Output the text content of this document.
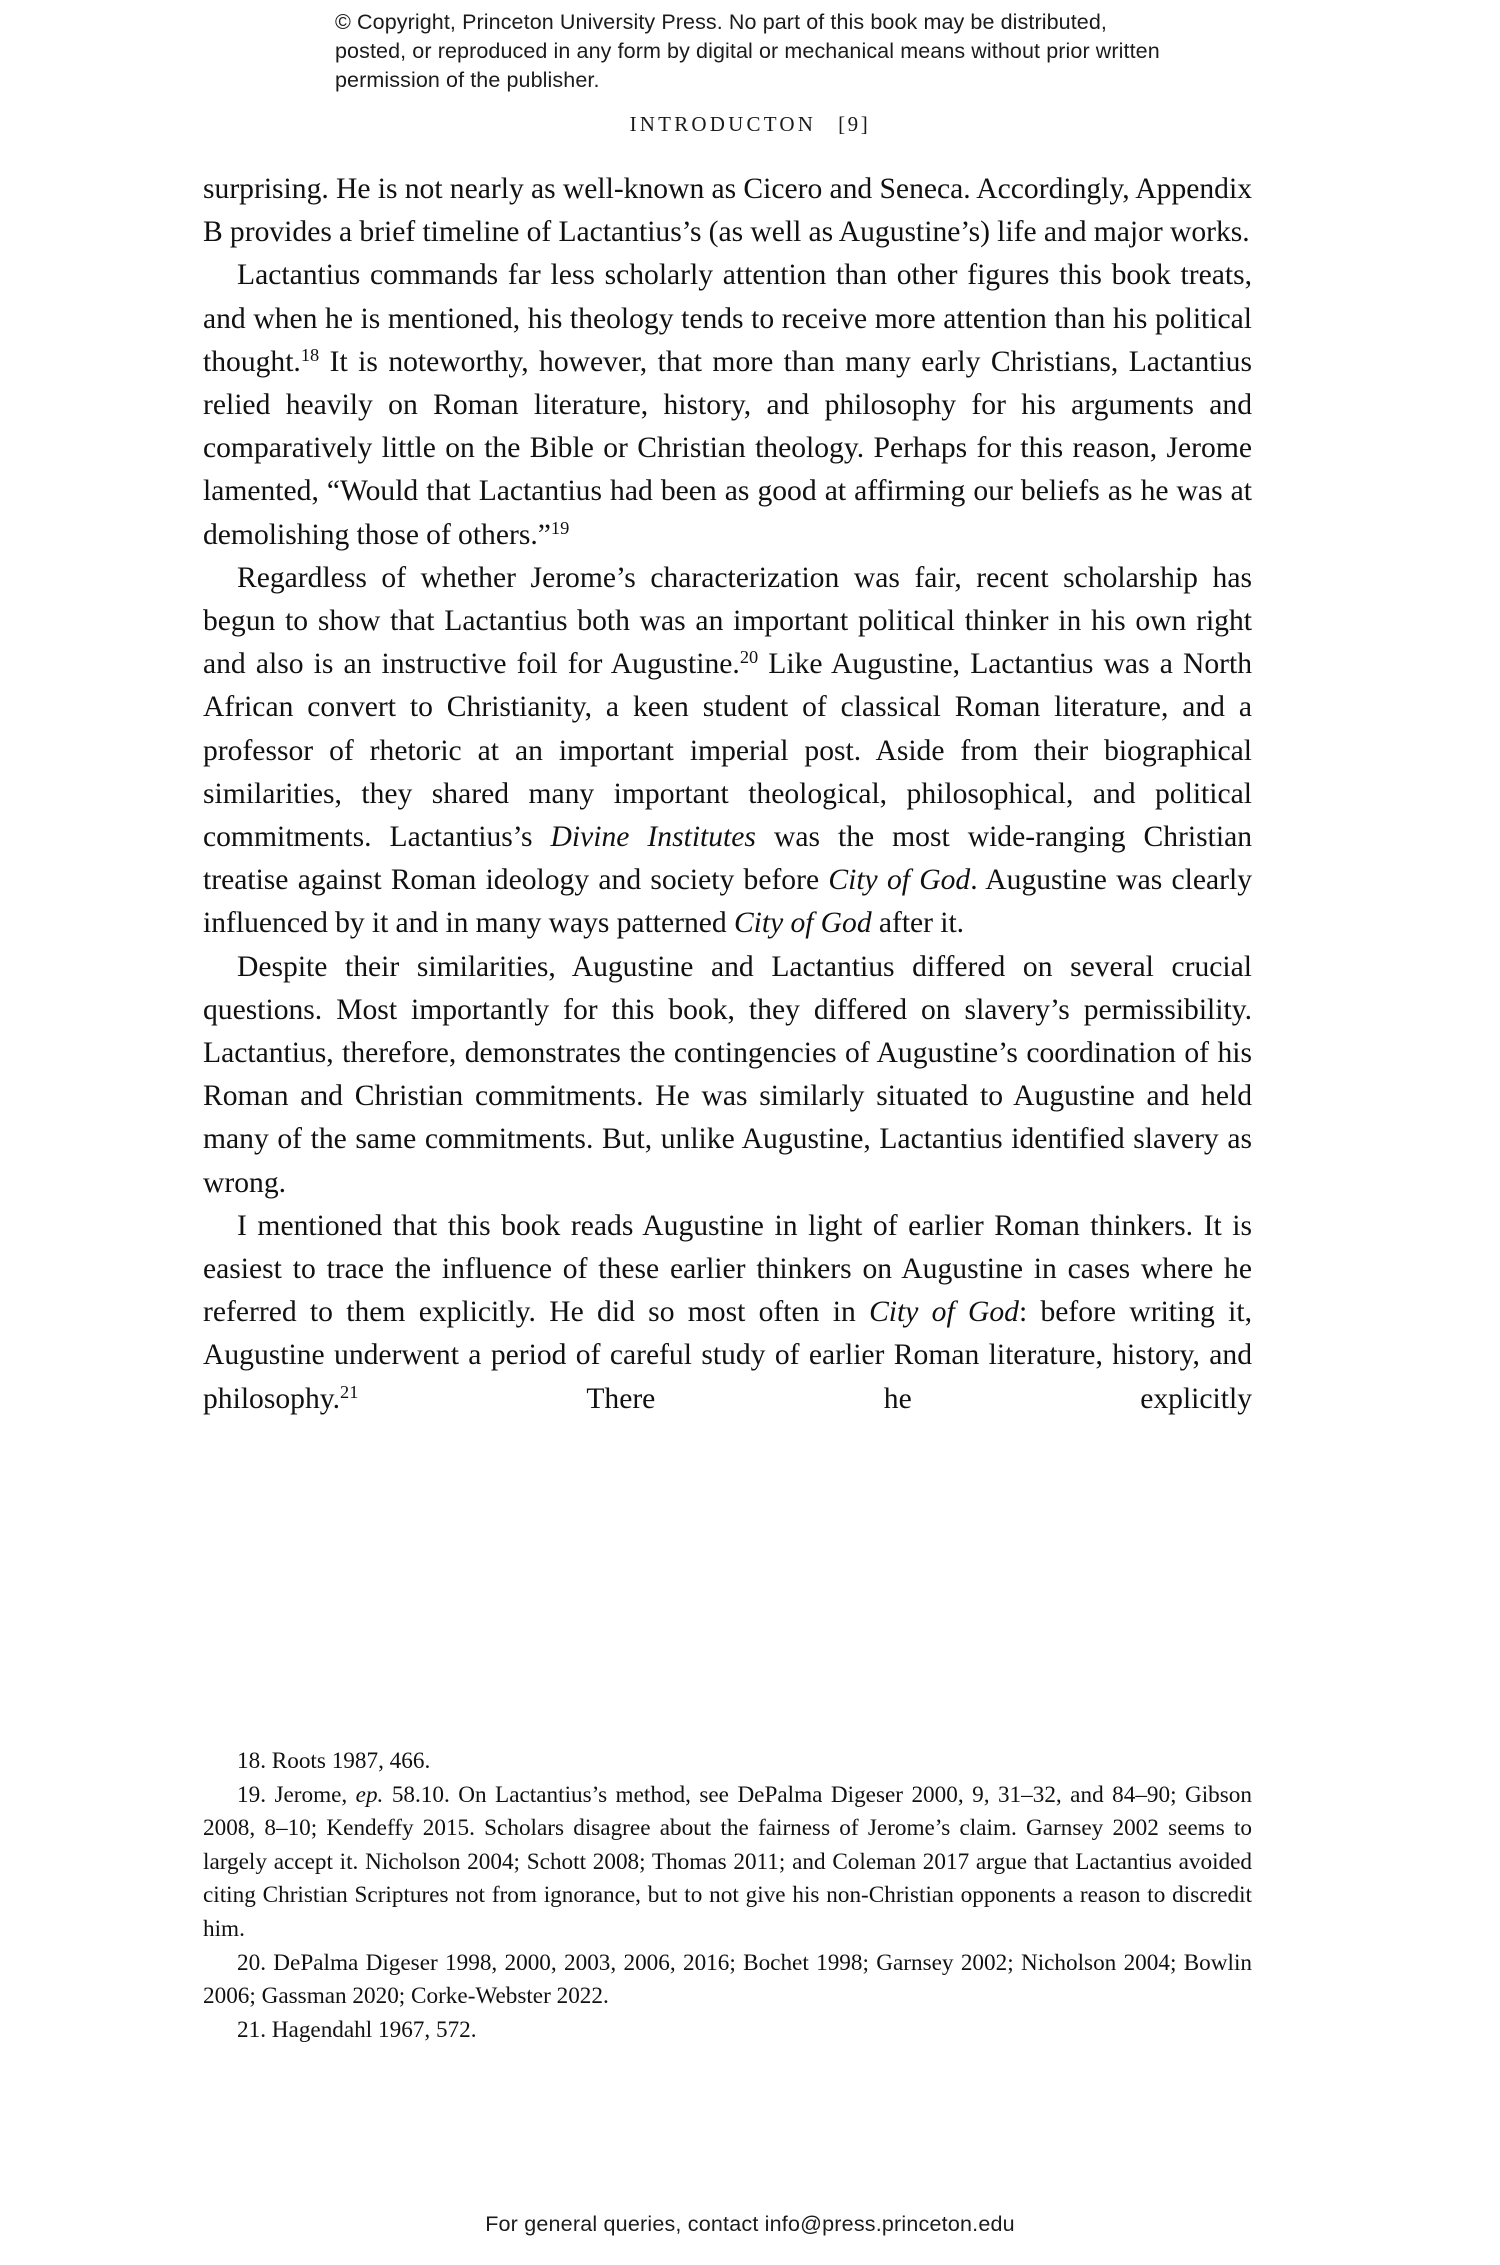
© Copyright, Princeton University Press. No part of this book may be distributed, posted, or reproduced in any form by digital or mechanical means without prior written permission of the publisher.
INTRODUCTON [9]

surprising. He is not nearly as well-known as Cicero and Seneca. Accordingly, Appendix B provides a brief timeline of Lactantius’s (as well as Augustine’s) life and major works.

Lactantius commands far less scholarly attention than other figures this book treats, and when he is mentioned, his theology tends to receive more attention than his political thought.$^{18}$ It is noteworthy, however, that more than many early Christians, Lactantius relied heavily on Roman literature, history, and philosophy for his arguments and comparatively little on the Bible or Christian theology. Perhaps for this reason, Jerome lamented, “Would that Lactantius had been as good at affirming our beliefs as he was at demolishing those of others.”$^{19}$

Regardless of whether Jerome’s characterization was fair, recent scholarship has begun to show that Lactantius both was an important political thinker in his own right and also is an instructive foil for Augustine.$^{20}$ Like Augustine, Lactantius was a North African convert to Christianity, a keen student of classical Roman literature, and a professor of rhetoric at an important imperial post. Aside from their biographical similarities, they shared many important theological, philosophical, and political commitments. Lactantius’s Divine Institutes was the most wide-ranging Christian treatise against Roman ideology and society before City of God. Augustine was clearly influenced by it and in many ways patterned City of God after it.

Despite their similarities, Augustine and Lactantius differed on several crucial questions. Most importantly for this book, they differed on slavery’s permissibility. Lactantius, therefore, demonstrates the contingencies of Augustine’s coordination of his Roman and Christian commitments. He was similarly situated to Augustine and held many of the same commitments. But, unlike Augustine, Lactantius identified slavery as wrong.

I mentioned that this book reads Augustine in light of earlier Roman thinkers. It is easiest to trace the influence of these earlier thinkers on Augustine in cases where he referred to them explicitly. He did so most often in City of God: before writing it, Augustine underwent a period of careful study of earlier Roman literature, history, and philosophy.$^{21}$ There he explicitly

18. Roots 1987, 466.

19. Jerome, ep. 58.10. On Lactantius’s method, see DePalma Digeser 2000, 9, 31–32, and 84–90; Gibson 2008, 8–10; Kendeffy 2015. Scholars disagree about the fairness of Jerome’s claim. Garnsey 2002 seems to largely accept it. Nicholson 2004; Schott 2008; Thomas 2011; and Coleman 2017 argue that Lactantius avoided citing Christian Scriptures not from ignorance, but to not give his non-Christian opponents a reason to discredit him.

20. DePalma Digeser 1998, 2000, 2003, 2006, 2016; Bochet 1998; Garnsey 2002; Nicholson 2004; Bowlin 2006; Gassman 2020; Corke-Webster 2022.

21. Hagendahl 1967, 572.

For general queries, contact info@press.princeton.edu
